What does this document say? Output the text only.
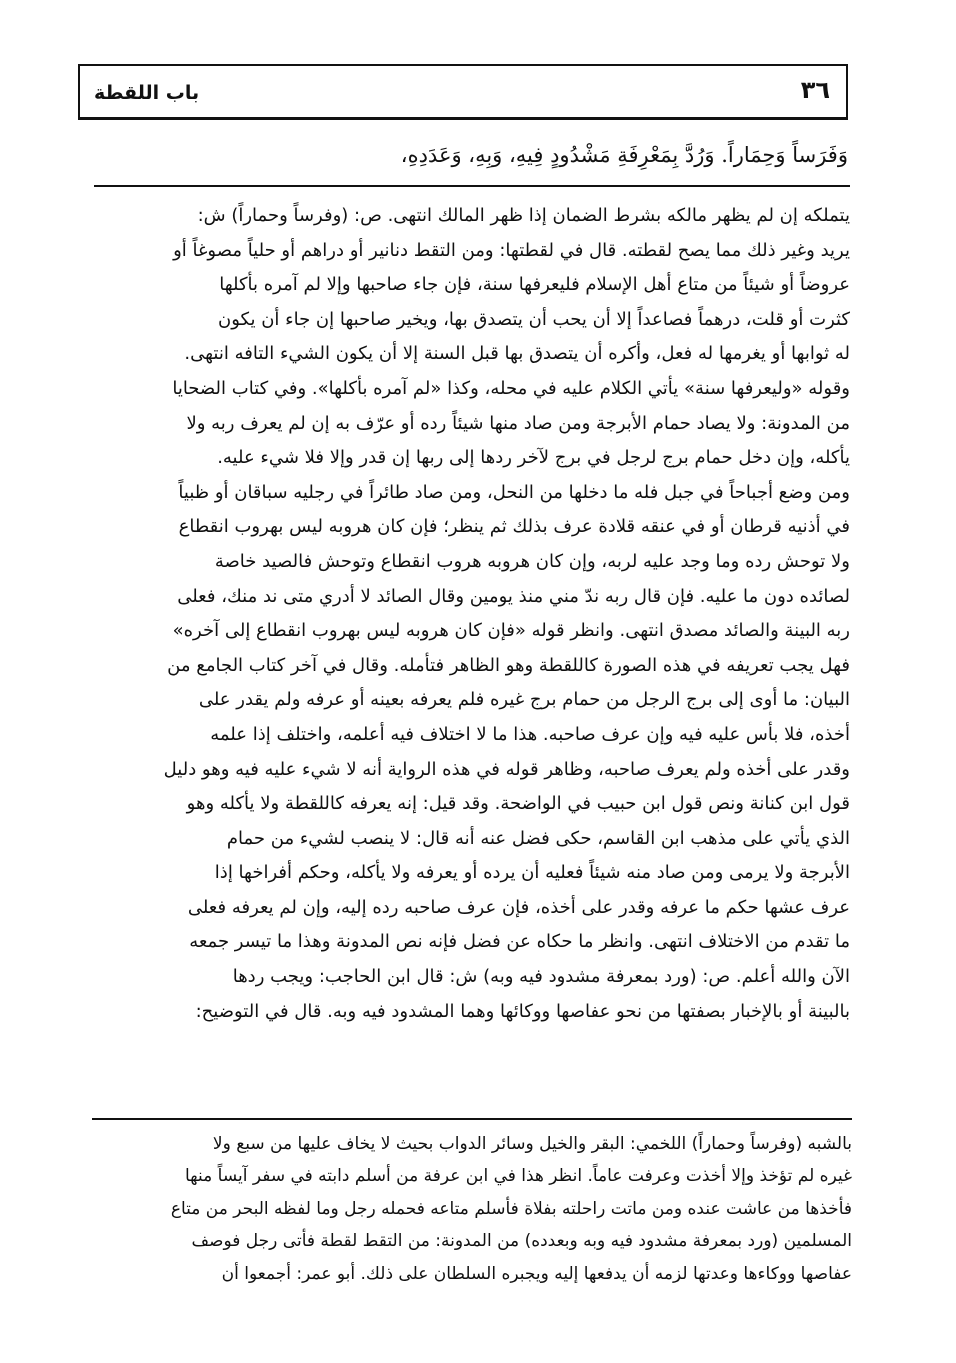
٣٦
باب اللقطة
وَفَرَساً وَحِمَاراً. وَرُدَّ بِمَعْرِفَةِ مَشْدُودٍ فِيهِ، وَبِهِ، وَعَدَدِهِ،
يتملكه إن لم يظهر مالكه بشرط الضمان إذا ظهر المالك انتهى. ص: (وفرساً وحماراً) ش:
يريد وغير ذلك مما يصح لقطته. قال في لقطتها: ومن التقط دنانير أو دراهم أو حلياً مصوغاً أو
عروضاً أو شيئاً من متاع أهل الإسلام فليعرفها سنة، فإن جاء صاحبها وإلا لم آمره بأكلها
كثرت أو قلت، درهماً فصاعداً إلا أن يحب أن يتصدق بها، ويخير صاحبها إن جاء أن يكون
له ثوابها أو يغرمها له فعل، وأكره أن يتصدق بها قبل السنة إلا أن يكون الشيء التافه انتهى.
وقوله «وليعرفها سنة» يأتي الكلام عليه في محله، وكذا «لم آمره بأكلها». وفي كتاب الضحايا
من المدونة: ولا يصاد حمام الأبرجة ومن صاد منها شيئاً رده أو عرّف به إن لم يعرف ربه ولا
يأكله، وإن دخل حمام برج لرجل في برج لآخر ردها إلى ربها إن قدر وإلا فلا شيء عليه.
ومن وضع أجباحاً في جبل فله ما دخلها من النحل، ومن صاد طائراً في رجليه سباقان أو ظبياً
في أذنيه قرطان أو في عنقه قلادة عرف بذلك ثم ينظر؛ فإن كان هروبه ليس بهروب انقطاع
ولا توحش رده وما وجد عليه لربه، وإن كان هروبه هروب انقطاع وتوحش فالصيد خاصة
لصائده دون ما عليه. فإن قال ربه ندّ مني منذ يومين وقال الصائد لا أدري متى ند منك، فعلى
ربه البينة والصائد مصدق انتهى. وانظر قوله «فإن كان هروبه ليس بهروب انقطاع إلى آخره»
فهل يجب تعريفه في هذه الصورة كاللقطة وهو الظاهر فتأمله. وقال في آخر كتاب الجامع من
البيان: ما أوى إلى برج الرجل من حمام برج غيره فلم يعرفه بعينه أو عرفه ولم يقدر على
أخذه، فلا بأس عليه فيه وإن عرف صاحبه. هذا ما لا اختلاف فيه أعلمه، واختلف إذا علمه
وقدر على أخذه ولم يعرف صاحبه، وظاهر قوله في هذه الرواية أنه لا شيء عليه فيه وهو دليل
قول ابن كنانة ونص قول ابن حبيب في الواضحة. وقد قيل: إنه يعرفه كاللقطة ولا يأكله وهو
الذي يأتي على مذهب ابن القاسم، حكى فضل عنه أنه قال: لا ينصب لشيء من حمام
الأبرجة ولا يرمى ومن صاد منه شيئاً فعليه أن يرده أو يعرفه ولا يأكله، وحكم أفراخها إذا
عرف عشها حكم ما عرفه وقدر على أخذه، فإن عرف صاحبه رده إليه، وإن لم يعرفه فعلى
ما تقدم من الاختلاف انتهى. وانظر ما حكاه عن فضل فإنه نص المدونة وهذا ما تيسر جمعه
الآن والله أعلم. ص: (ورد بمعرفة مشدود فيه وبه) ش: قال ابن الحاجب: ويجب ردها
بالبينة أو بالإخبار بصفتها من نحو عفاصها ووكائها وهما المشدود فيه وبه. قال في التوضيح:
بالشبه (وفرساً وحماراً) اللخمي: البقر والخيل وسائر الدواب بحيث لا يخاف عليها من سبع ولا
غيره لم تؤخذ وإلا أخذت وعرفت عاماً. انظر هذا في ابن عرفة من أسلم دابته في سفر آيساً منها
فأخذها من عاشت عنده ومن ماتت راحلته بفلاة فأسلم متاعه فحمله رجل وما لفظه البحر من متاع
المسلمين (ورد بمعرفة مشدود فيه وبه وبعدده) من المدونة: من التقط لقطة فأتى رجل فوصف
عفاصها ووكاءها وعدتها لزمه أن يدفعها إليه ويجبره السلطان على ذلك. أبو عمر: أجمعوا أن
